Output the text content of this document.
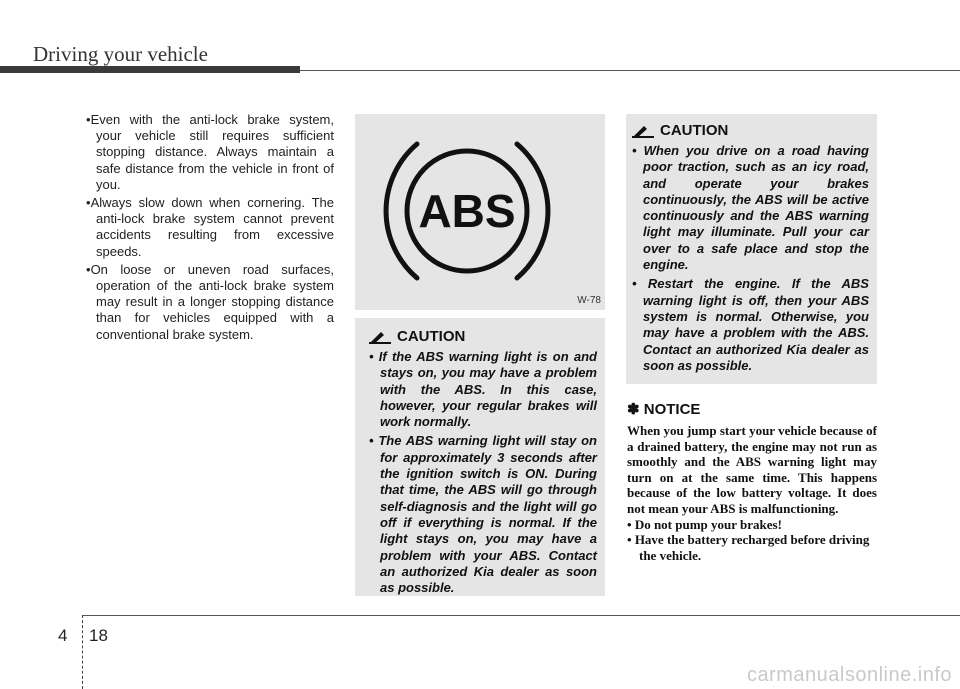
Driving your vehicle
• Even with the anti-lock brake system, your vehicle still requires sufficient stopping distance. Always maintain a safe distance from the vehicle in front of you.
• Always slow down when cornering. The anti-lock brake system cannot prevent accidents resulting from excessive speeds.
• On loose or uneven road surfaces, operation of the anti-lock brake system may result in a longer stopping distance than for vehicles equipped with a conventional brake system.
ABS
W-78
CAUTION
• If the ABS warning light is on and stays on, you may have a problem with the ABS. In this case, however, your regular brakes will work normally.
• The ABS warning light will stay on for approximately 3 seconds after the ignition switch is ON. During that time, the ABS will go through self-diagnosis and the light will go off if everything is normal. If the light stays on, you may have a problem with your ABS. Contact an authorized Kia dealer as soon as possible.
CAUTION
• When you drive on a road having poor traction, such as an icy road, and operate your brakes continuously, the ABS will be active continuously and the ABS warning light may illuminate. Pull your car over to a safe place and stop the engine.
• Restart the engine. If the ABS warning light is off, then your ABS system is normal. Otherwise, you may have a problem with the ABS. Contact an authorized Kia dealer as soon as possible.
✽ NOTICE

When you jump start your vehicle because of a drained battery, the engine may not run as smoothly and the ABS warning light may turn on at the same time. This happens because of the low battery voltage. It does not mean your ABS is malfunctioning.

• Do not pump your brakes!
• Have the battery recharged before driving the vehicle.
4 18
carmanualsonline.info
